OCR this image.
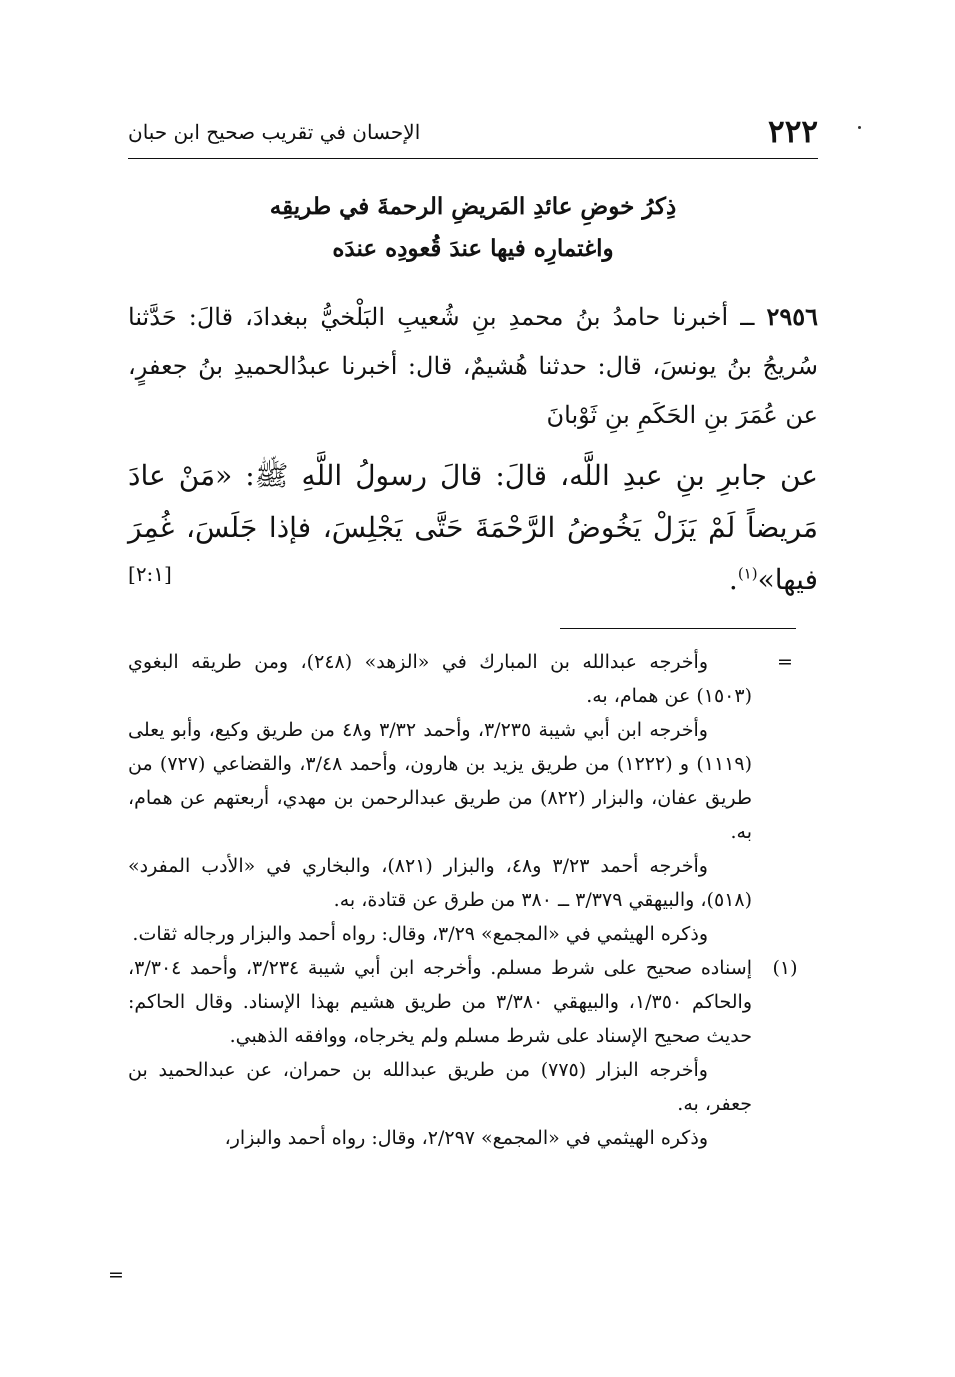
٢٢٢
الإحسان في تقريب صحيح ابن حبان
ذِكرُ خوضِ عائدِ المَريضِ الرحمةَ في طريقِه
واغتمارِه فيها عندَ قُعودِه عندَه
٢٩٥٦ ــ أخبرنا حامدُ بنُ محمدِ بنِ شُعيبِ البَلْخيُّ ببغدادَ، قالَ: حَدَّثنا سُريجُ بنُ يونسَ، قال: حدثنا هُشيمٌ، قال: أخبرنا عبدُالحميدِ بنُ جعفرٍ، عن عُمَرَ بنِ الحَكَمِ بنِ ثَوْبانَ
عن جابرِ بنِ عبدِ اللَّه، قالَ: قالَ رسولُ اللَّهِ ﷺ: «مَنْ عادَ مَريضاً لَمْ يَزَلْ يَخُوضُ الرَّحْمَةَ حَتَّى يَجْلِسَ، فإذا جَلَسَ، غُمِرَ فيها»$^{(١)}$.
[٢:١]
=
وأخرجه عبدالله بن المبارك في «الزهد» (٢٤٨)، ومن طريقه البغوي (١٥٠٣) عن همام، به.
وأخرجه ابن أبي شيبة ٣/٢٣٥، وأحمد ٣/٣٢ و٤٨ من طريق وكيع، وأبو يعلى (١١١٩) و (١٢٢٢) من طريق يزيد بن هارون، وأحمد ٣/٤٨، والقضاعي (٧٢٧) من طريق عفان، والبزار (٨٢٢) من طريق عبدالرحمن بن مهدي، أربعتهم عن همام، به.
وأخرجه أحمد ٣/٢٣ و٤٨، والبزار (٨٢١)، والبخاري في «الأدب المفرد» (٥١٨)، والبيهقي ٣/٣٧٩ ــ ٣٨٠ من طرق عن قتادة، به.
وذكره الهيثمي في «المجمع» ٣/٢٩، وقال: رواه أحمد والبزار ورجاله ثقات.
(١)
إسناده صحيح على شرط مسلم. وأخرجه ابن أبي شيبة ٣/٢٣٤، وأحمد ٣/٣٠٤، والحاكم ١/٣٥٠، والبيهقي ٣/٣٨٠ من طريق هشيم بهذا الإسناد. وقال الحاكم: حديث صحيح الإسناد على شرط مسلم ولم يخرجاه، ووافقه الذهبي.
وأخرجه البزار (٧٧٥) من طريق عبدالله بن حمران، عن عبدالحميد بن جعفر، به.
وذكره الهيثمي في «المجمع» ٢/٢٩٧، وقال: رواه أحمد والبزار،
=
